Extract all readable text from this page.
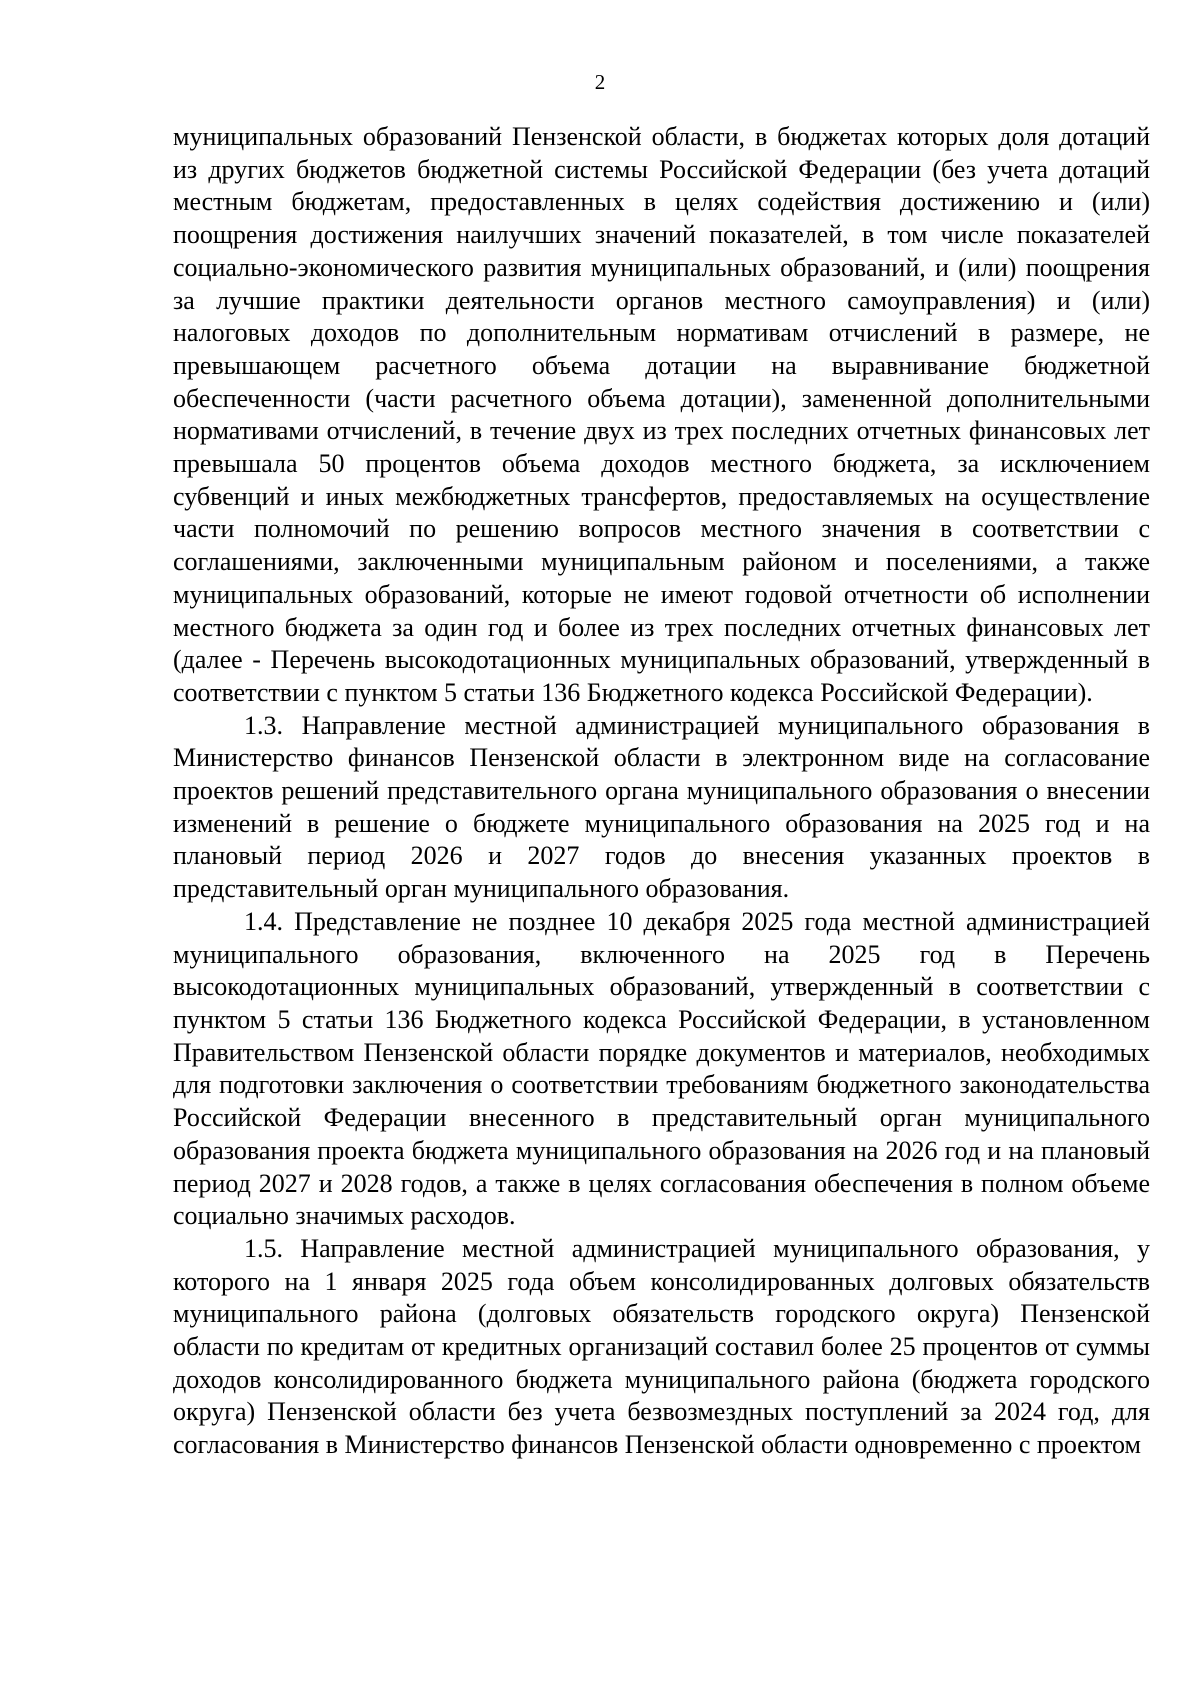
2

муниципальных образований Пензенской области, в бюджетах которых доля дотаций из других бюджетов бюджетной системы Российской Федерации (без учета дотаций местным бюджетам, предоставленных в целях содействия достижению и (или) поощрения достижения наилучших значений показателей, в том числе показателей социально-экономического развития муниципальных образований, и (или) поощрения за лучшие практики деятельности органов местного самоуправления) и (или) налоговых доходов по дополнительным нормативам отчислений в размере, не превышающем расчетного объема дотации на выравнивание бюджетной обеспеченности (части расчетного объема дотации), замененной дополнительными нормативами отчислений, в течение двух из трех последних отчетных финансовых лет превышала 50 процентов объема доходов местного бюджета, за исключением субвенций и иных межбюджетных трансфертов, предоставляемых на осуществление части полномочий по решению вопросов местного значения в соответствии с соглашениями, заключенными муниципальным районом и поселениями, а также муниципальных образований, которые не имеют годовой отчетности об исполнении местного бюджета за один год и более из трех последних отчетных финансовых лет (далее - Перечень высокодотационных муниципальных образований, утвержденный в соответствии с пунктом 5 статьи 136 Бюджетного кодекса Российской Федерации).

1.3. Направление местной администрацией муниципального образования в Министерство финансов Пензенской области в электронном виде на согласование проектов решений представительного органа муниципального образования о внесении изменений в решение о бюджете муниципального образования на 2025 год и на плановый период 2026 и 2027 годов до внесения указанных проектов в представительный орган муниципального образования.

1.4. Представление не позднее 10 декабря 2025 года местной администрацией муниципального образования, включенного на 2025 год в Перечень высокодотационных муниципальных образований, утвержденный в соответствии с пунктом 5 статьи 136 Бюджетного кодекса Российской Федерации, в установленном Правительством Пензенской области порядке документов и материалов, необходимых для подготовки заключения о соответствии требованиям бюджетного законодательства Российской Федерации внесенного в представительный орган муниципального образования проекта бюджета муниципального образования на 2026 год и на плановый период 2027 и 2028 годов, а также в целях согласования обеспечения в полном объеме социально значимых расходов.

1.5. Направление местной администрацией муниципального образования, у которого на 1 января 2025 года объем консолидированных долговых обязательств муниципального района (долговых обязательств городского округа) Пензенской области по кредитам от кредитных организаций составил более 25 процентов от суммы доходов консолидированного бюджета муниципального района (бюджета городского округа) Пензенской области без учета безвозмездных поступлений за 2024 год, для согласования в Министерство финансов Пензенской области одновременно с проектом
